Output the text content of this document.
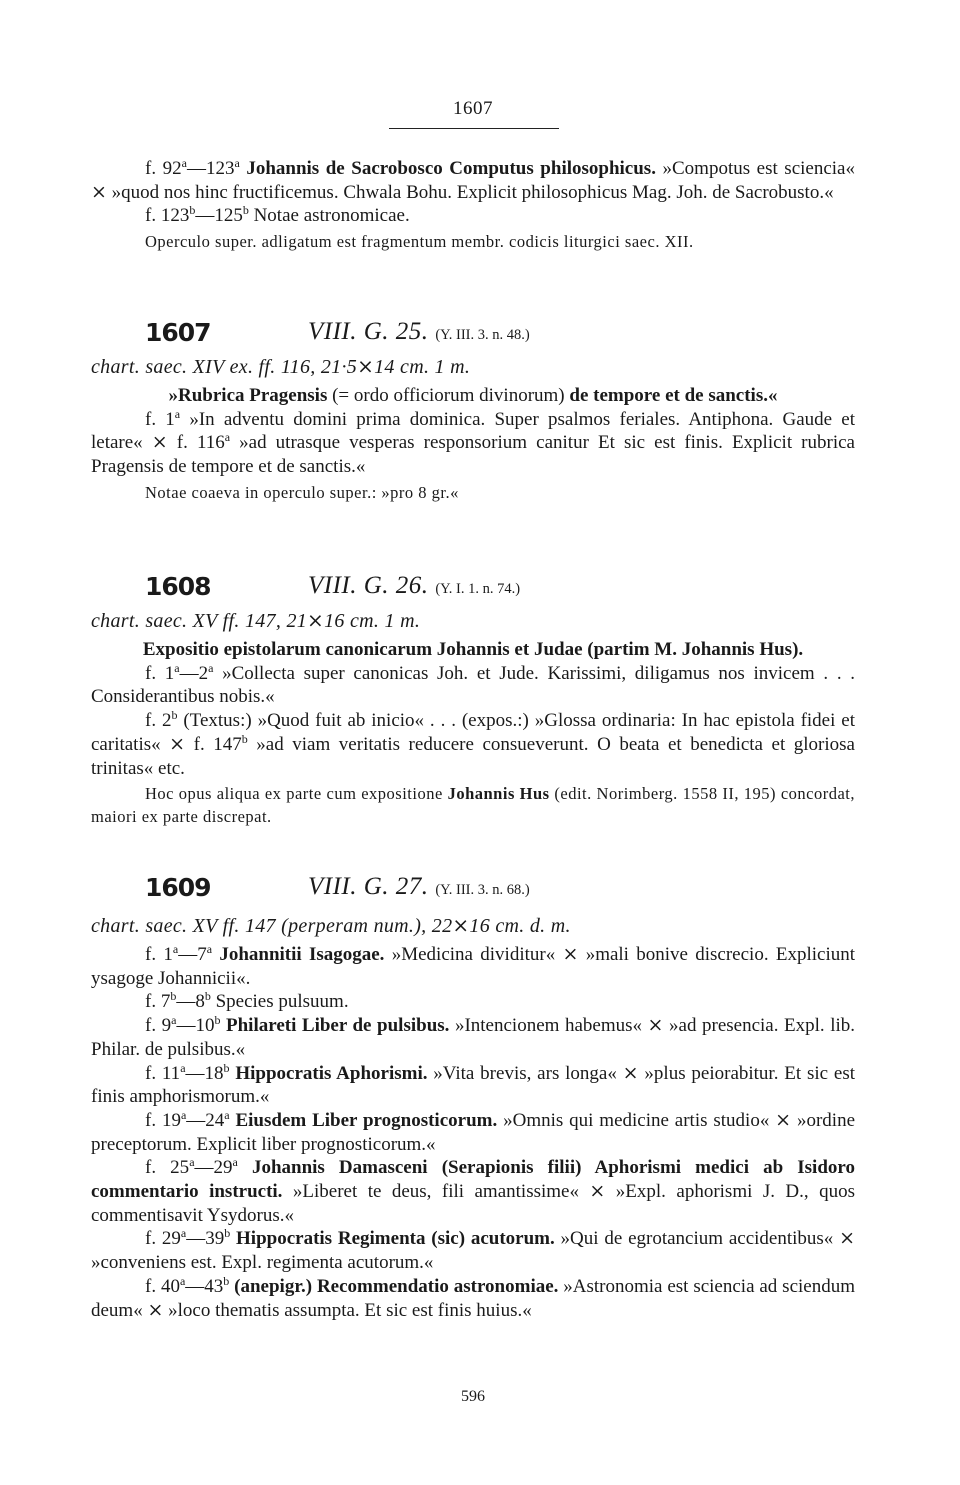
1607

f. 92$^a$—123$^a$ Johannis de Sacrobosco Computus philosophicus. »Compotus est sciencia« ⨯ »quod nos hinc fructificemus. Chwala Bohu. Explicit philosophicus Mag. Joh. de Sacrobusto.«

f. 123$^b$—125$^b$ Notae astronomicae.

Operculo super. adligatum est fragmentum membr. codicis liturgici saec. XII.

1607	VIII. G. 25. (Y. III. 3. n. 48.)

chart. saec. XIV ex. ff. 116, 21·5⨯14 cm. 1 m.

»Rubrica Pragensis (= ordo officiorum divinorum) de tempore et de sanctis.«

f. 1$^a$ »In adventu domini prima dominica. Super psalmos feriales. Antiphona. Gaude et letare« ⨯ f. 116$^a$ »ad utrasque vesperas responsorium canitur Et sic est finis. Explicit rubrica Pragensis de tempore et de sanctis.«

Notae coaeva in operculo super.: »pro 8 gr.«

1608	VIII. G. 26. (Y. I. 1. n. 74.)

chart. saec. XV ff. 147, 21⨯16 cm. 1 m.

Expositio epistolarum canonicarum Johannis et Judae (partim M. Johannis Hus).

f. 1$^a$—2$^a$ »Collecta super canonicas Joh. et Jude. Karissimi, diligamus nos invicem . . . Considerantibus nobis.«

f. 2$^b$ (Textus:) »Quod fuit ab inicio« . . . (expos.:) »Glossa ordinaria: In hac epistola fidei et caritatis« ⨯ f. 147$^b$ »ad viam veritatis reducere consueverunt. O beata et benedicta et gloriosa trinitas« etc.

Hoc opus aliqua ex parte cum expositione Johannis Hus (edit. Norimberg. 1558 II, 195) concordat, maiori ex parte discrepat.

1609	VIII. G. 27. (Y. III. 3. n. 68.)

chart. saec. XV ff. 147 (perperam num.), 22⨯16 cm. d. m.

f. 1$^a$—7$^a$ Johannitii Isagogae. »Medicina dividitur« ⨯ »mali bonive discrecio. Expliciunt ysagoge Johannicii«.

f. 7$^b$—8$^b$ Species pulsuum.

f. 9$^a$—10$^b$ Philareti Liber de pulsibus. »Intencionem habemus« ⨯ »ad presencia. Expl. lib. Philar. de pulsibus.«

f. 11$^a$—18$^b$ Hippocratis Aphorismi. »Vita brevis, ars longa« ⨯ »plus peiorabitur. Et sic est finis amphorismorum.«

f. 19$^a$—24$^a$ Eiusdem Liber prognosticorum. »Omnis qui medicine artis studio« ⨯ »ordine preceptorum. Explicit liber prognosticorum.«

f. 25$^a$—29$^a$ Johannis Damasceni (Serapionis filii) Aphorismi medici ab Isidoro commentario instructi. »Liberet te deus, fili amantissime« ⨯ »Expl. aphorismi J. D., quos commentisavit Ysydorus.«

f. 29$^a$—39$^b$ Hippocratis Regimenta (sic) acutorum. »Qui de egrotancium accidentibus« ⨯ »conveniens est. Expl. regimenta acutorum.«

f. 40$^a$—43$^b$ (anepigr.) Recommendatio astronomiae. »Astronomia est sciencia ad sciendum deum« ⨯ »loco thematis assumpta. Et sic est finis huius.«

596
